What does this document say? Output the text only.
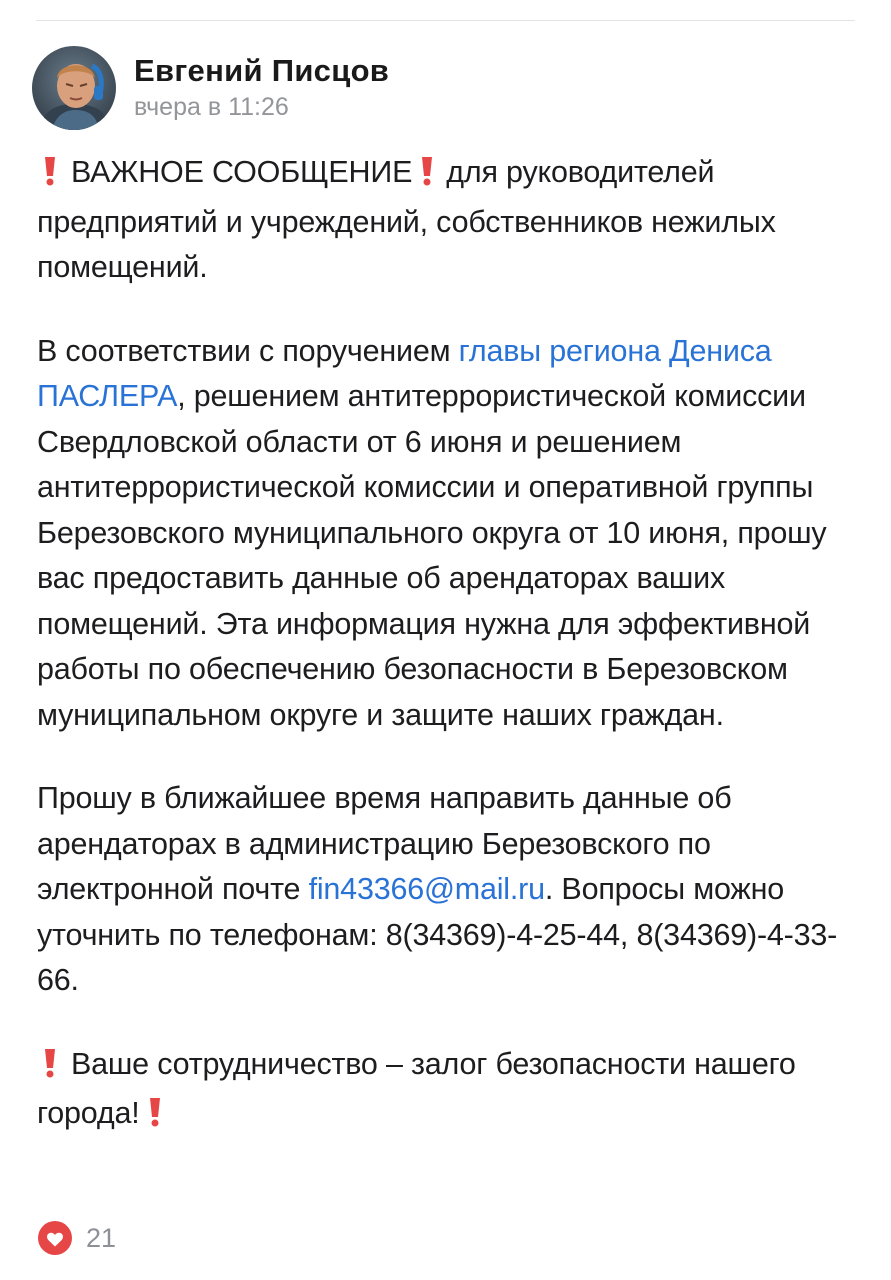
Евгений Писцов
вчера в 11:26

ВАЖНОЕ СООБЩЕНИЕ для руководителей предприятий и учреждений, собственников нежилых помещений.

В соответствии с поручением главы региона Дениса ПАСЛЕРА, решением антитеррористической комиссии Свердловской области от 6 июня и решением антитеррористической комиссии и оперативной группы Березовского муниципального округа от 10 июня, прошу вас предоставить данные об арендаторах ваших помещений. Эта информация нужна для эффективной работы по обеспечению безопасности в Березовском муниципальном округе и защите наших граждан.

Прошу в ближайшее время направить данные об арендаторах в администрацию Березовского по электронной почте fin43366@mail.ru. Вопросы можно уточнить по телефонам: 8(34369)-4-25-44, 8(34369)-4-33-66.

Ваше сотрудничество – залог безопасности нашего города!

21
